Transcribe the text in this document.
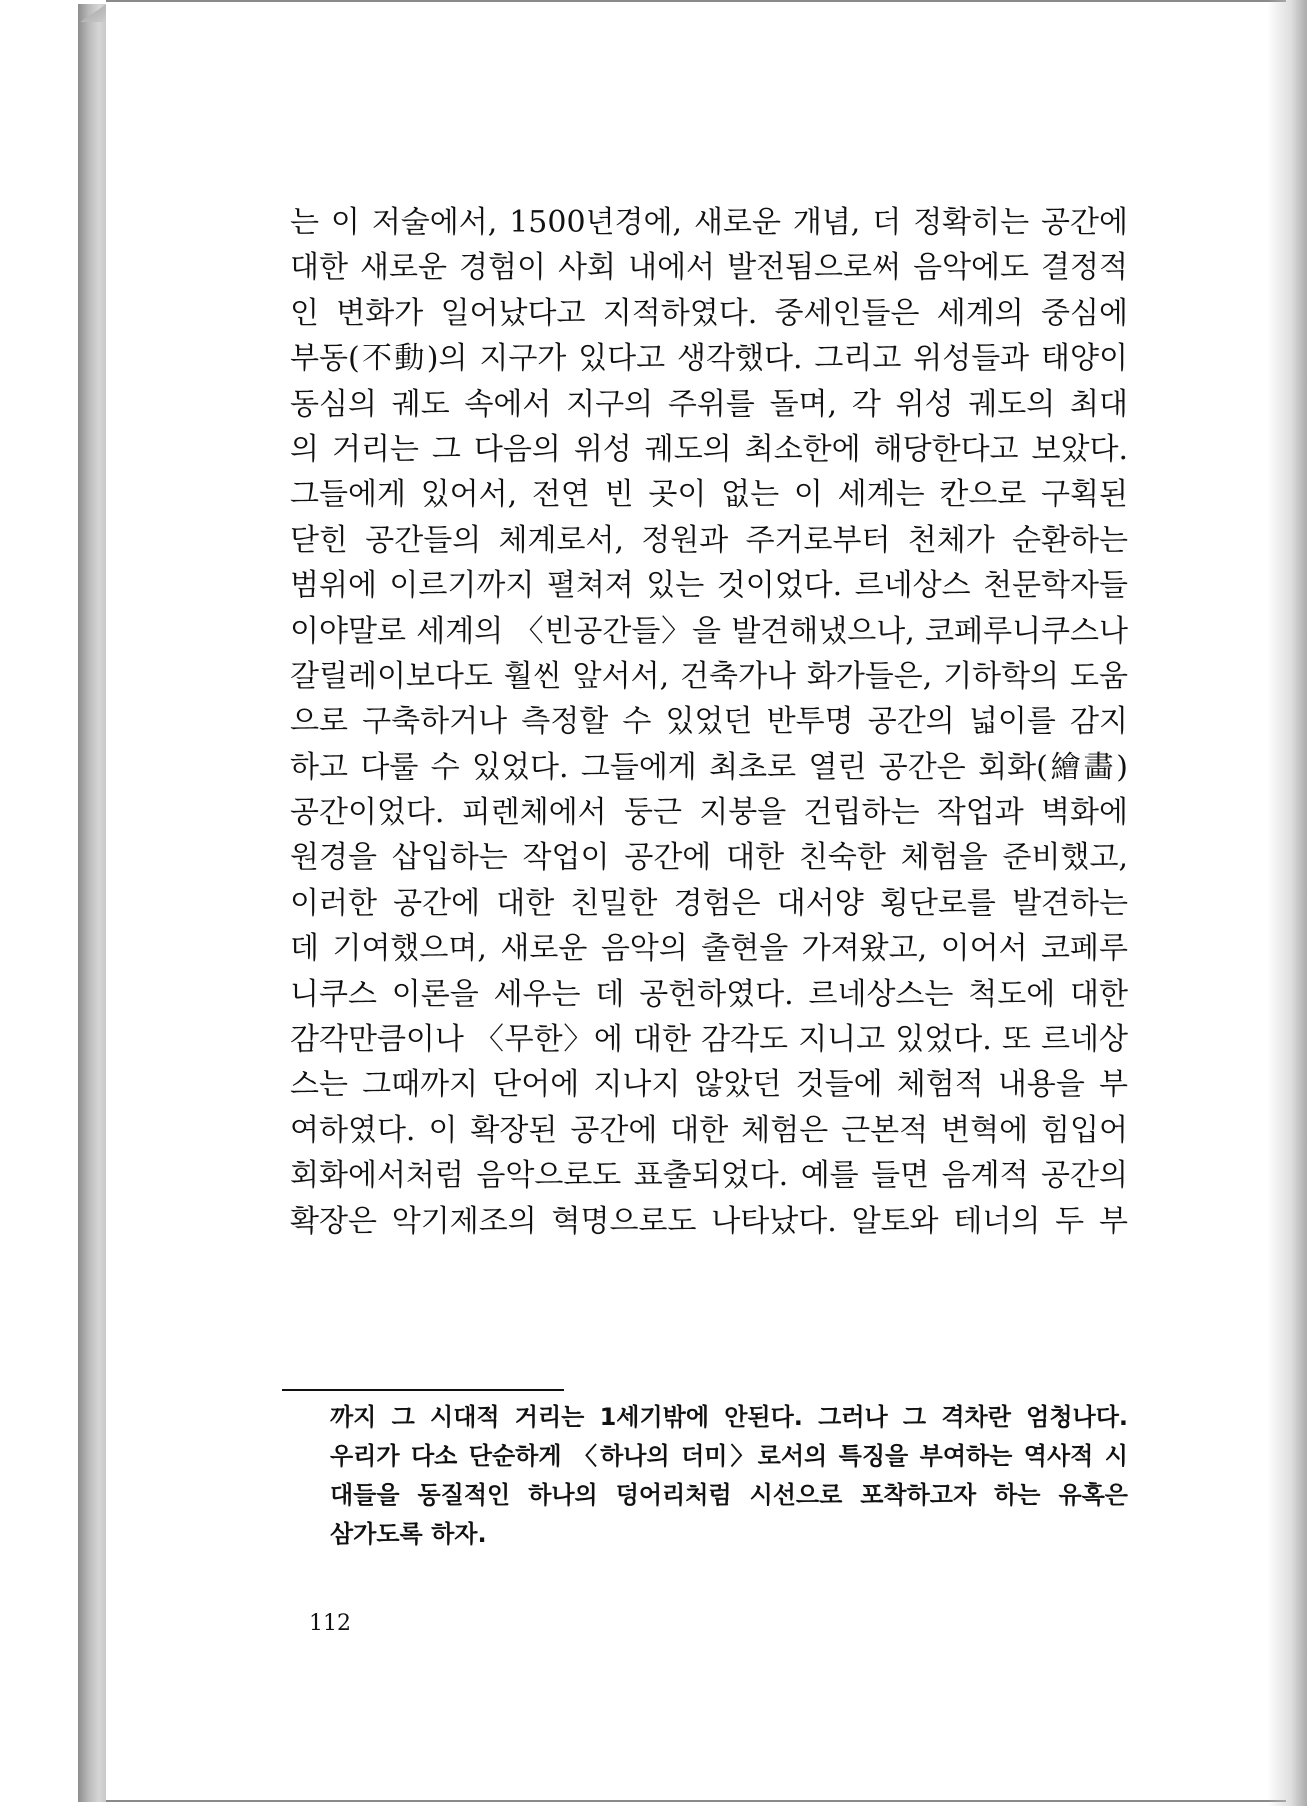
는 이 저술에서, 1500년경에, 새로운 개념, 더 정확히는 공간에
대한 새로운 경험이 사회 내에서 발전됨으로써 음악에도 결정적
인 변화가 일어났다고 지적하였다. 중세인들은 세계의 중심에
부동(不動)의 지구가 있다고 생각했다. 그리고 위성들과 태양이
동심의 궤도 속에서 지구의 주위를 돌며, 각 위성 궤도의 최대
의 거리는 그 다음의 위성 궤도의 최소한에 해당한다고 보았다.
그들에게 있어서, 전연 빈 곳이 없는 이 세계는 칸으로 구획된
닫힌 공간들의 체계로서, 정원과 주거로부터 천체가 순환하는
범위에 이르기까지 펼쳐져 있는 것이었다. 르네상스 천문학자들
이야말로 세계의 〈빈공간들〉을 발견해냈으나, 코페루니쿠스나
갈릴레이보다도 훨씬 앞서서, 건축가나 화가들은, 기하학의 도움
으로 구축하거나 측정할 수 있었던 반투명 공간의 넓이를 감지
하고 다룰 수 있었다. 그들에게 최초로 열린 공간은 회화(繪畵)
공간이었다. 피렌체에서 둥근 지붕을 건립하는 작업과 벽화에
원경을 삽입하는 작업이 공간에 대한 친숙한 체험을 준비했고,
이러한 공간에 대한 친밀한 경험은 대서양 횡단로를 발견하는
데 기여했으며, 새로운 음악의 출현을 가져왔고, 이어서 코페루
니쿠스 이론을 세우는 데 공헌하였다. 르네상스는 척도에 대한
감각만큼이나 〈무한〉에 대한 감각도 지니고 있었다. 또 르네상
스는 그때까지 단어에 지나지 않았던 것들에 체험적 내용을 부
여하였다. 이 확장된 공간에 대한 체험은 근본적 변혁에 힘입어
회화에서처럼 음악으로도 표출되었다. 예를 들면 음계적 공간의
확장은 악기제조의 혁명으로도 나타났다. 알토와 테너의 두 부
까지 그 시대적 거리는 1세기밖에 안된다. 그러나 그 격차란 엄청나다.
우리가 다소 단순하게 〈하나의 더미〉로서의 특징을 부여하는 역사적 시
대들을 동질적인 하나의 덩어리처럼 시선으로 포착하고자 하는 유혹은
삼가도록 하자.
112
